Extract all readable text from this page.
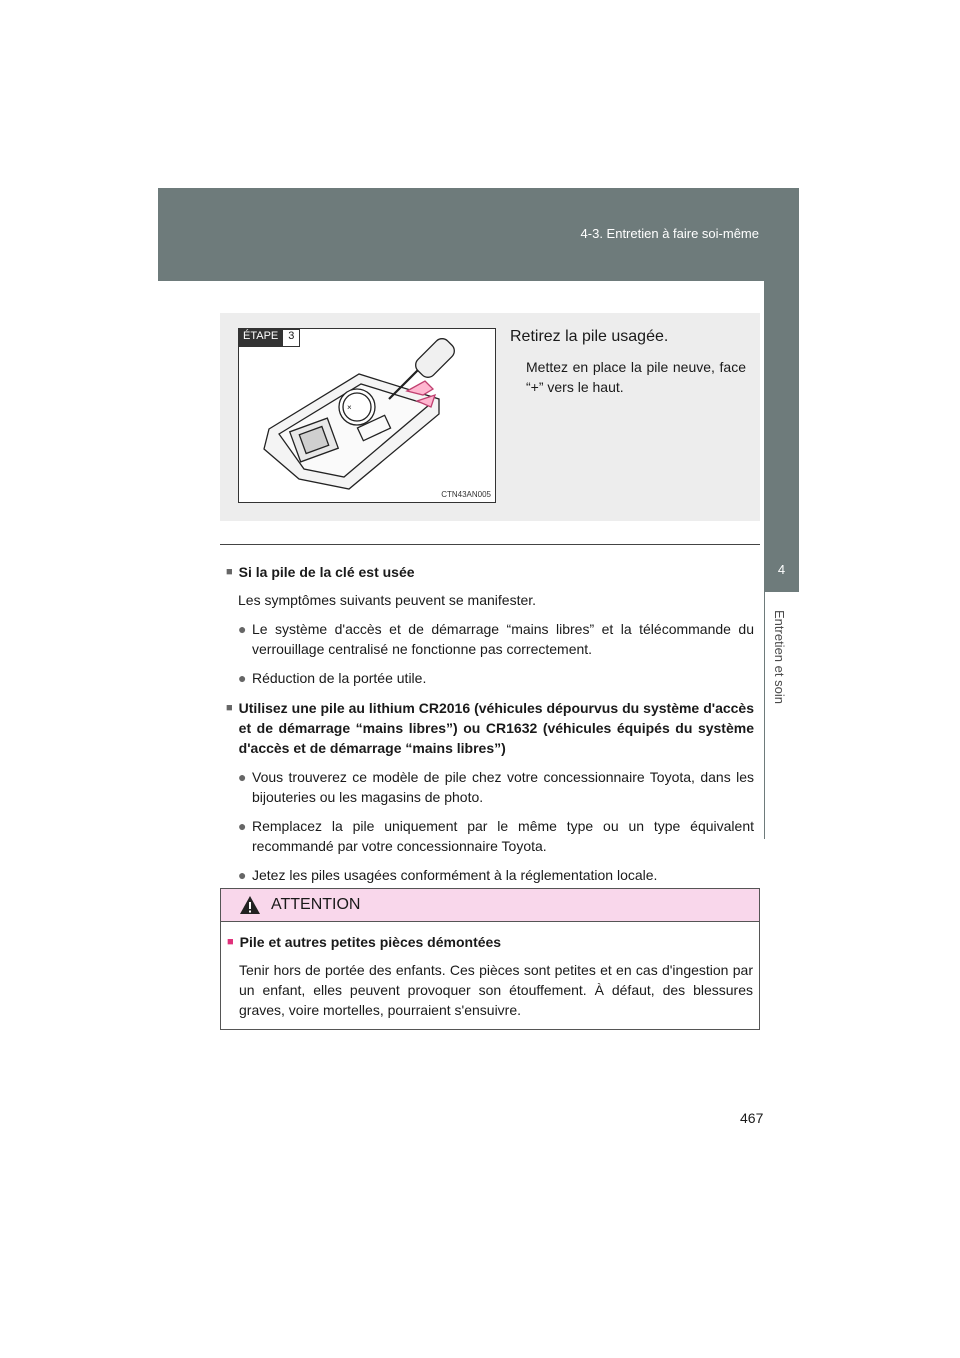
4-3. Entretien à faire soi-même
4
Entretien et soin
ÉTAPE 3
×
CTN43AN005
Retirez la pile usagée.
Mettez en place la pile neuve, face “+” vers le haut.
■ Si la pile de la clé est usée
Les symptômes suivants peuvent se manifester.
● Le système d'accès et de démarrage “mains libres” et la télécommande du verrouillage centralisé ne fonctionne pas correctement.
● Réduction de la portée utile.
■ Utilisez une pile au lithium CR2016 (véhicules dépourvus du système d'accès et de démarrage “mains libres”) ou CR1632 (véhicules équipés du système d'accès et de démarrage “mains libres”)
● Vous trouverez ce modèle de pile chez votre concessionnaire Toyota, dans les bijouteries ou les magasins de photo.
● Remplacez la pile uniquement par le même type ou un type équivalent recommandé par votre concessionnaire Toyota.
● Jetez les piles usagées conformément à la réglementation locale.
ATTENTION
■ Pile et autres petites pièces démontées
Tenir hors de portée des enfants. Ces pièces sont petites et en cas d'ingestion par un enfant, elles peuvent provoquer son étouffement. À défaut, des blessures graves, voire mortelles, pourraient s'ensuivre.
467
